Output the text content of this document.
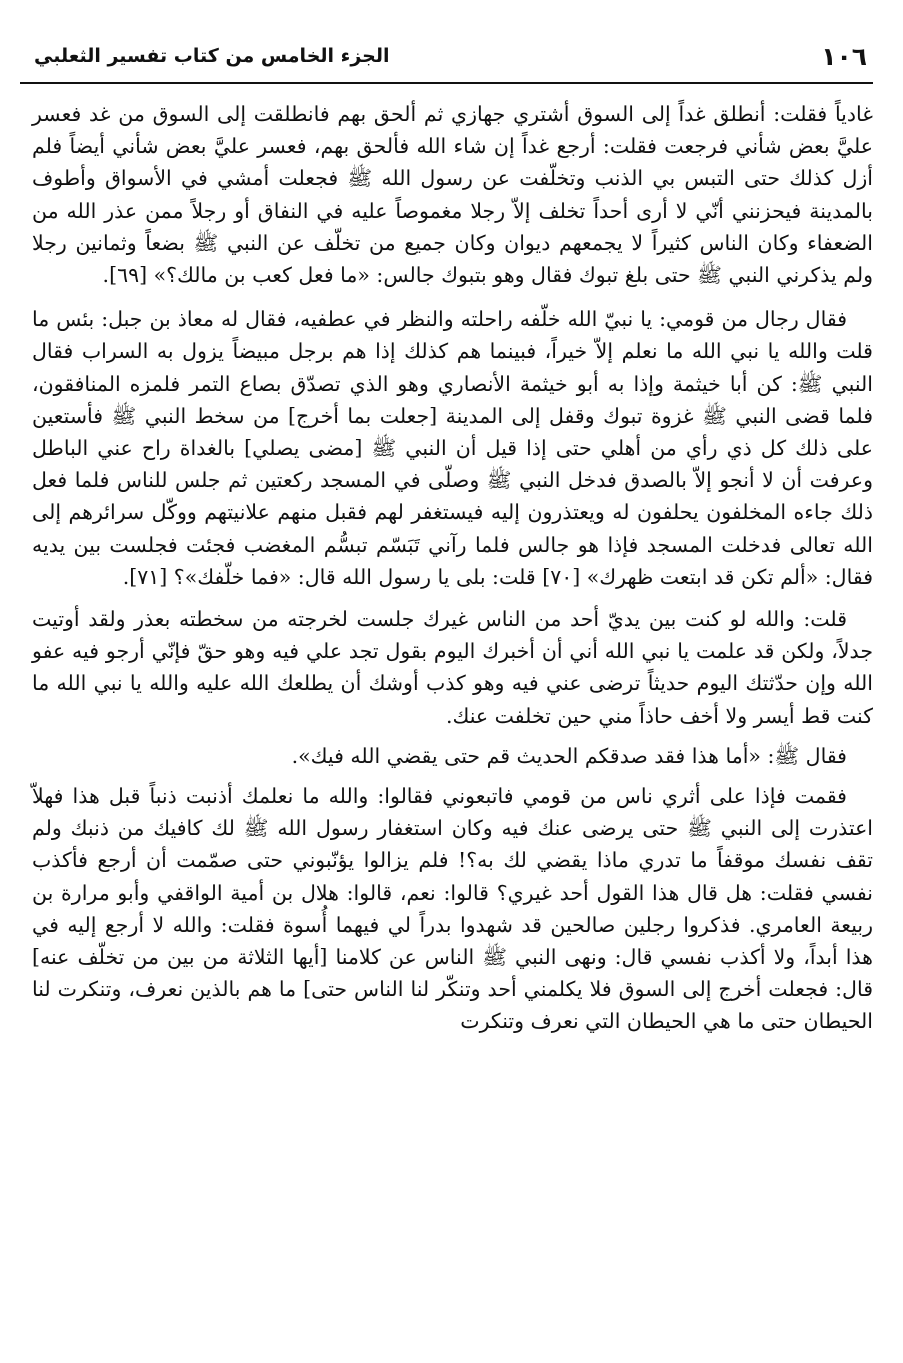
١٠٦
الجزء الخامس من كتاب تفسير الثعلبي

غادياً فقلت: أنطلق غداً إلى السوق أشتري جهازي ثم ألحق بهم فانطلقت إلى السوق من غد فعسر عليَّ بعض شأني فرجعت فقلت: أرجع غداً إن شاء الله فألحق بهم، فعسر عليَّ بعض شأني أيضاً فلم أزل كذلك حتى التبس بي الذنب وتخلّفت عن رسول الله ﷺ فجعلت أمشي في الأسواق وأطوف بالمدينة فيحزنني أنّي لا أرى أحداً تخلف إلاّ رجلا مغموصاً عليه في النفاق أو رجلاً ممن عذر الله من الضعفاء وكان الناس كثيراً لا يجمعهم ديوان وكان جميع من تخلّف عن النبي ﷺ بضعاً وثمانين رجلا ولم يذكرني النبي ﷺ حتى بلغ تبوك فقال وهو بتبوك جالس: «ما فعل كعب بن مالك؟» [٦٩].

فقال رجال من قومي: يا نبيّ الله خلّفه راحلته والنظر في عطفيه، فقال له معاذ بن جبل: بئس ما قلت والله يا نبي الله ما نعلم إلاّ خيراً، فبينما هم كذلك إذا هم برجل مبيضاً يزول به السراب فقال النبي ﷺ: كن أبا خيثمة وإذا به أبو خيثمة الأنصاري وهو الذي تصدّق بصاع التمر فلمزه المنافقون، فلما قضى النبي ﷺ غزوة تبوك وقفل إلى المدينة [جعلت بما أخرج] من سخط النبي ﷺ فأستعين على ذلك كل ذي رأي من أهلي حتى إذا قيل أن النبي ﷺ [مضى يصلي] بالغداة راح عني الباطل وعرفت أن لا أنجو إلاّ بالصدق فدخل النبي ﷺ وصلّى في المسجد ركعتين ثم جلس للناس فلما فعل ذلك جاءه المخلفون يحلفون له ويعتذرون إليه فيستغفر لهم فقبل منهم علانيتهم ووكّل سرائرهم إلى الله تعالى فدخلت المسجد فإذا هو جالس فلما رآني تَبَسّم تبسُّم المغضب فجئت فجلست بين يديه فقال: «ألم تكن قد ابتعت ظهرك» [٧٠] قلت: بلى يا رسول الله قال: «فما خلّفك»؟ [٧١].

قلت: والله لو كنت بين يديّ أحد من الناس غيرك جلست لخرجته من سخطته بعذر ولقد أوتيت جدلاً، ولكن قد علمت يا نبي الله أني أن أخبرك اليوم بقول تجد علي فيه وهو حقّ فإنّي أرجو فيه عفو الله وإن حدّثتك اليوم حديثاً ترضى عني فيه وهو كذب أوشك أن يطلعك الله عليه والله يا نبي الله ما كنت قط أيسر ولا أخف حاذاً مني حين تخلفت عنك.

فقال ﷺ: «أما هذا فقد صدقكم الحديث قم حتى يقضي الله فيك».

فقمت فإذا على أثري ناس من قومي فاتبعوني فقالوا: والله ما نعلمك أذنبت ذنباً قبل هذا فهلاّ اعتذرت إلى النبي ﷺ حتى يرضى عنك فيه وكان استغفار رسول الله ﷺ لك كافيك من ذنبك ولم تقف نفسك موقفاً ما تدري ماذا يقضي لك به؟! فلم يزالوا يؤنّبوني حتى صمّمت أن أرجع فأكذب نفسي فقلت: هل قال هذا القول أحد غيري؟ قالوا: نعم، قالوا: هلال بن أمية الواقفي وأبو مرارة بن ربيعة العامري. فذكروا رجلين صالحين قد شهدوا بدراً لي فيهما أُسوة فقلت: والله لا أرجع إليه في هذا أبداً، ولا أكذب نفسي قال: ونهى النبي ﷺ الناس عن كلامنا [أيها الثلاثة من بين من تخلّف عنه] قال: فجعلت أخرج إلى السوق فلا يكلمني أحد وتنكّر لنا الناس حتى] ما هم بالذين نعرف، وتنكرت لنا الحيطان حتى ما هي الحيطان التي نعرف وتنكرت
